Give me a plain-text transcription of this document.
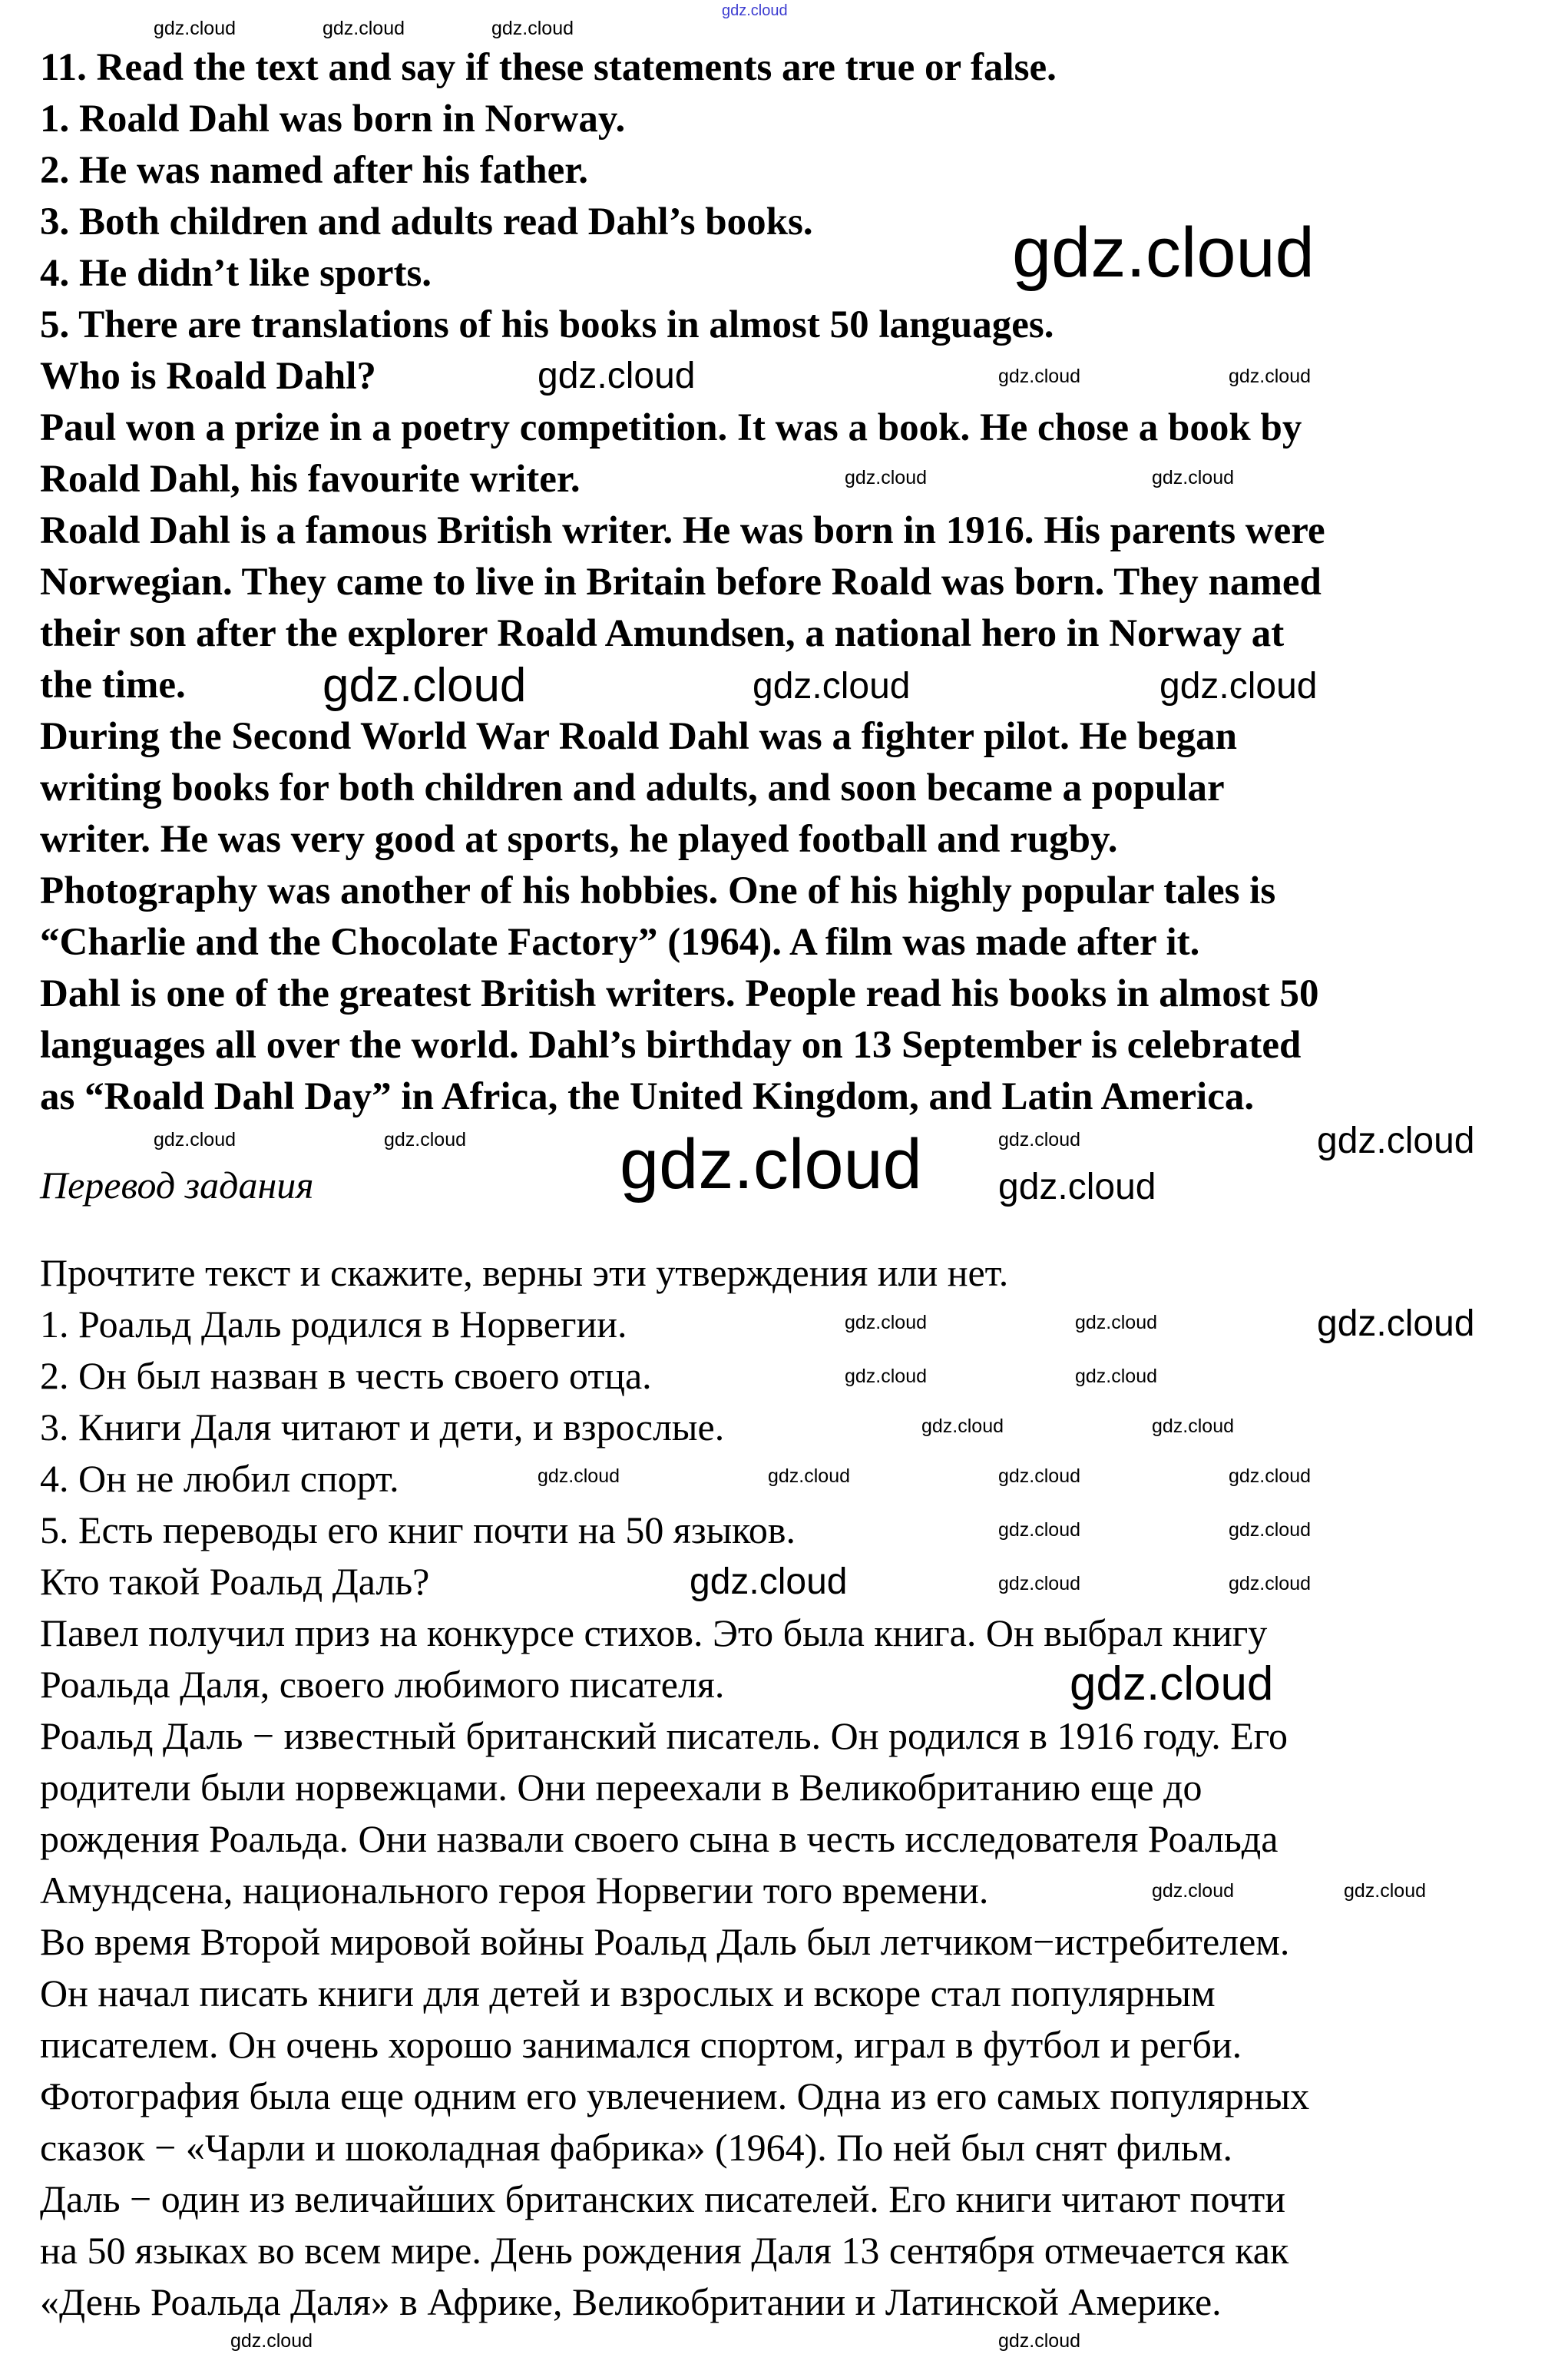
11. Read the text and say if these statements are true or false.
1. Roald Dahl was born in Norway.
2. He was named after his father.
3. Both children and adults read Dahl’s books.
4. He didn’t like sports.
5. There are translations of his books in almost 50 languages.
Who is Roald Dahl?
Paul won a prize in a poetry competition. It was a book. He chose a book by
Roald Dahl, his favourite writer.
Roald Dahl is a famous British writer. He was born in 1916. His parents were
Norwegian. They came to live in Britain before Roald was born. They named
their son after the explorer Roald Amundsen, a national hero in Norway at
the time.
During the Second World War Roald Dahl was a fighter pilot. He began
writing books for both children and adults, and soon became a popular
writer. He was very good at sports, he played football and rugby.
Photography was another of his hobbies. One of his highly popular tales is
“Charlie and the Chocolate Factory” (1964). A film was made after it.
Dahl is one of the greatest British writers. People read his books in almost 50
languages all over the world. Dahl’s birthday on 13 September is celebrated
as “Roald Dahl Day” in Africa, the United Kingdom, and Latin America.
Перевод задания
Прочтите текст и скажите, верны эти утверждения или нет.
1. Роальд Даль родился в Норвегии.
2. Он был назван в честь своего отца.
3. Книги Даля читают и дети, и взрослые.
4. Он не любил спорт.
5. Есть переводы его книг почти на 50 языков.
Кто такой Роальд Даль?
Павел получил приз на конкурсе стихов. Это была книга. Он выбрал книгу
Роальда Даля, своего любимого писателя.
Роальд Даль − известный британский писатель. Он родился в 1916 году. Его
родители были норвежцами. Они переехали в Великобританию еще до
рождения Роальда. Они назвали своего сына в честь исследователя Роальда
Амундсена, национального героя Норвегии того времени.
Во время Второй мировой войны Роальд Даль был летчиком−истребителем.
Он начал писать книги для детей и взрослых и вскоре стал популярным
писателем. Он очень хорошо занимался спортом, играл в футбол и регби.
Фотография была еще одним его увлечением. Одна из его самых популярных
сказок − «Чарли и шоколадная фабрика» (1964). По ней был снят фильм.
Даль − один из величайших британских писателей. Его книги читают почти
на 50 языках во всем мире. День рождения Даля 13 сентября отмечается как
«День Роальда Даля» в Африке, Великобритании и Латинской Америке.
gdz.cloud
gdz.cloud
gdz.cloud
gdz.cloud
gdz.cloud
gdz.cloud	gdz.cloud	gdz.cloud
gdz.cloud
gdz.cloud
gdz.cloud
gdz.cloud
gdz.cloud	gdz.cloud	gdz.cloud
gdz.cloud	gdz.cloud
gdz.cloud	gdz.cloud
gdz.cloud
gdz.cloud	gdz.cloud
gdz.cloud	gdz.cloud
gdz.cloud	gdz.cloud
gdz.cloud	gdz.cloud
gdz.cloud	gdz.cloud	gdz.cloud	gdz.cloud
gdz.cloud	gdz.cloud
gdz.cloud	gdz.cloud
gdz.cloud	gdz.cloud
gdz.cloud	gdz.cloud
